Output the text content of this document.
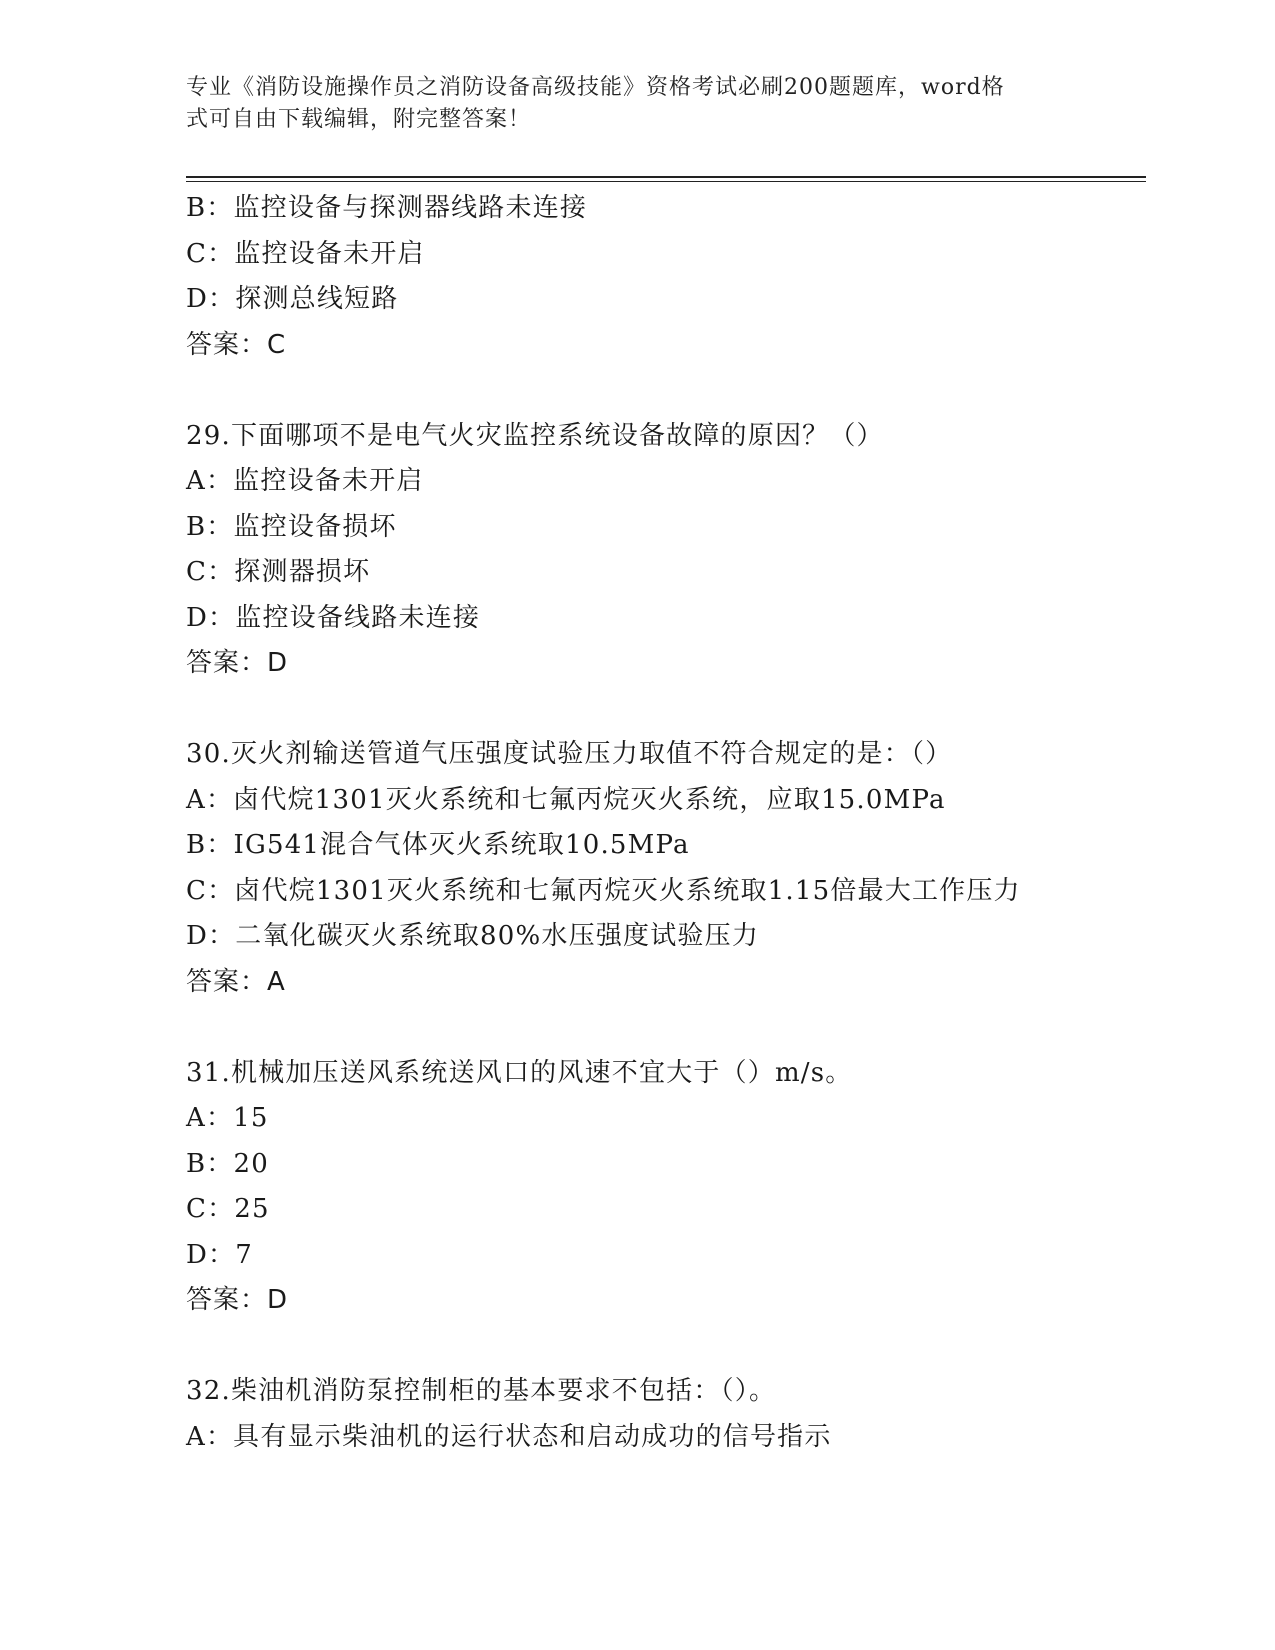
专业《消防设施操作员之消防设备高级技能》资格考试必刷200题题库，word格
式可自由下载编辑，附完整答案！
B：监控设备与探测器线路未连接
C：监控设备未开启
D：探测总线短路
答案：C
29.下面哪项不是电气火灾监控系统设备故障的原因？（）
A：监控设备未开启
B：监控设备损坏
C：探测器损坏
D：监控设备线路未连接
答案：D
30.灭火剂输送管道气压强度试验压力取值不符合规定的是：（）
A：卤代烷1301灭火系统和七氟丙烷灭火系统，应取15.0MPa
B：IG541混合气体灭火系统取10.5MPa
C：卤代烷1301灭火系统和七氟丙烷灭火系统取1.15倍最大工作压力
D：二氧化碳灭火系统取80%水压强度试验压力
答案：A
31.机械加压送风系统送风口的风速不宜大于（）m/s。
A：15
B：20
C：25
D：7
答案：D
32.柴油机消防泵控制柜的基本要求不包括：（）。
A：具有显示柴油机的运行状态和启动成功的信号指示
